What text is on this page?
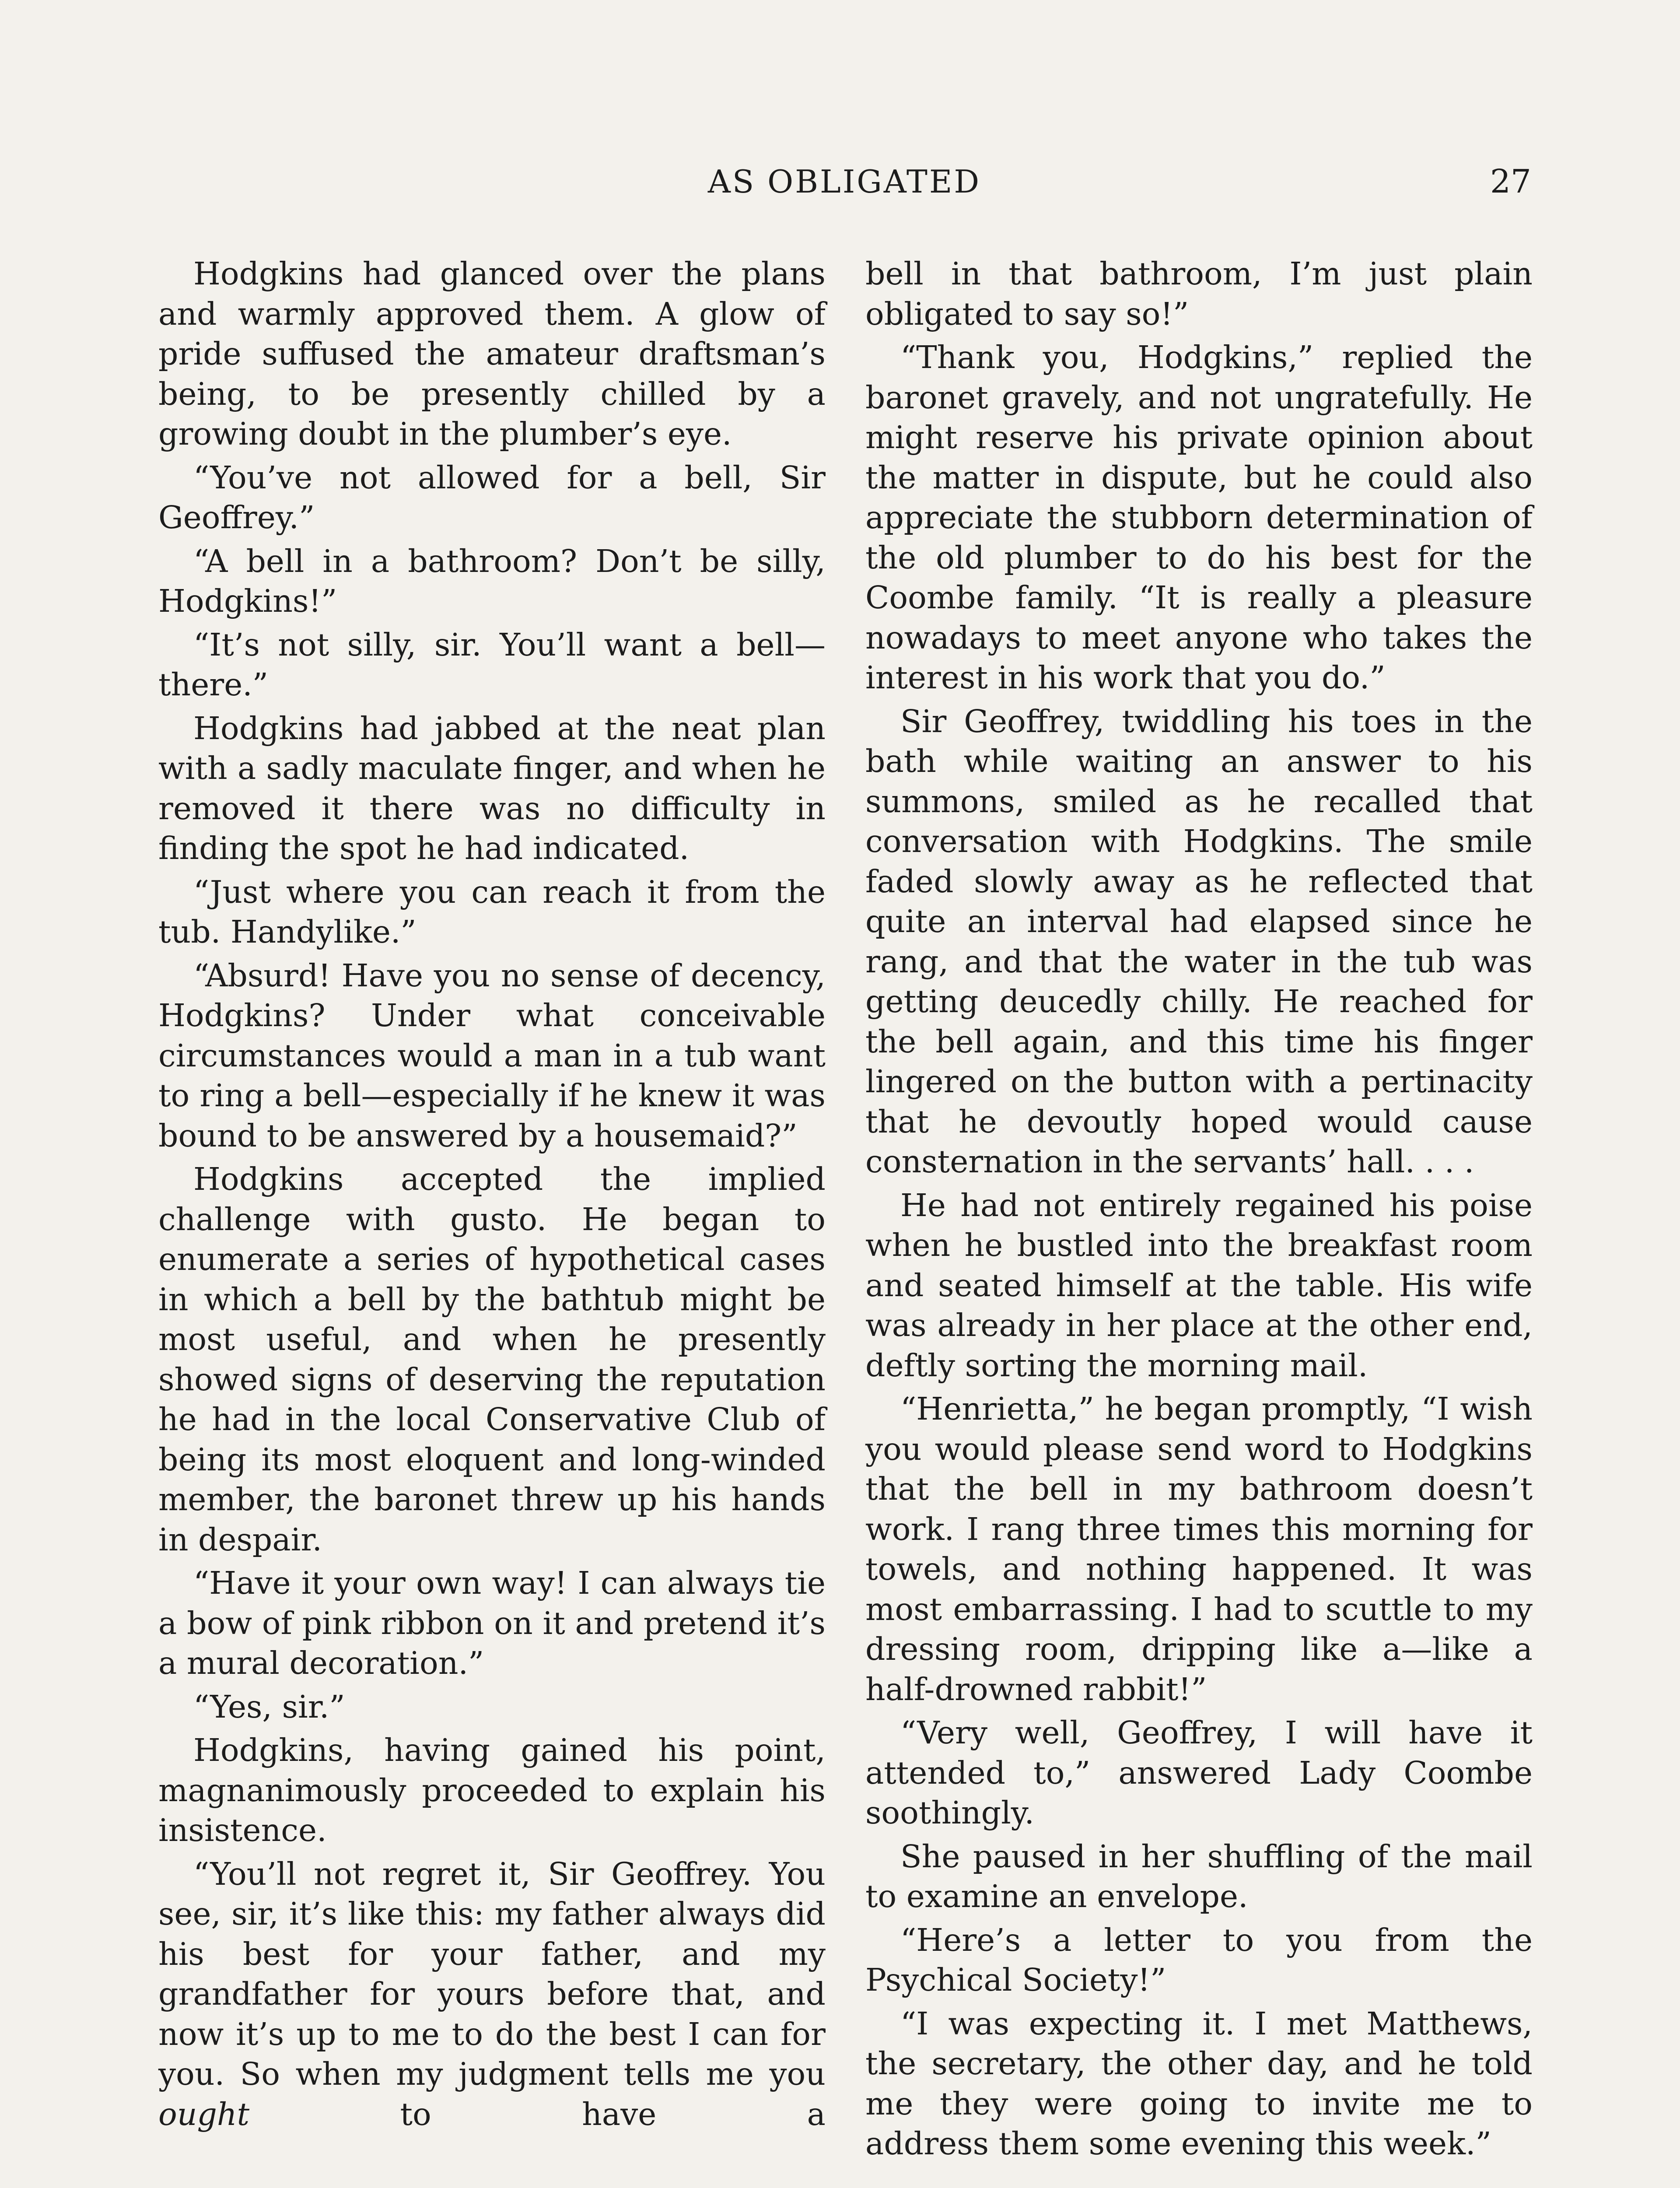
AS OBLIGATED	27

Hodgkins had glanced over the plans and warmly approved them. A glow of pride suffused the amateur draftsman’s being, to be presently chilled by a growing doubt in the plumber’s eye.

“You’ve not allowed for a bell, Sir Geoffrey.”

“A bell in a bathroom? Don’t be silly, Hodgkins!”

“It’s not silly, sir. You’ll want a bell—there.”

Hodgkins had jabbed at the neat plan with a sadly maculate finger, and when he removed it there was no difficulty in finding the spot he had indicated.

“Just where you can reach it from the tub. Handylike.”

“Absurd! Have you no sense of decency, Hodgkins? Under what conceivable circumstances would a man in a tub want to ring a bell—especially if he knew it was bound to be answered by a housemaid?”

Hodgkins accepted the implied challenge with gusto. He began to enumerate a series of hypothetical cases in which a bell by the bathtub might be most useful, and when he presently showed signs of deserving the reputation he had in the local Conservative Club of being its most eloquent and long-winded member, the baronet threw up his hands in despair.

“Have it your own way! I can always tie a bow of pink ribbon on it and pretend it’s a mural decoration.”

“Yes, sir.”

Hodgkins, having gained his point, magnanimously proceeded to explain his insistence.

“You’ll not regret it, Sir Geoffrey. You see, sir, it’s like this: my father always did his best for your father, and my grandfather for yours before that, and now it’s up to me to do the best I can for you. So when my judgment tells me you ought to have a

bell in that bathroom, I’m just plain obligated to say so!”

“Thank you, Hodgkins,” replied the baronet gravely, and not ungratefully. He might reserve his private opinion about the matter in dispute, but he could also appreciate the stubborn determination of the old plumber to do his best for the Coombe family. “It is really a pleasure nowadays to meet anyone who takes the interest in his work that you do.”

Sir Geoffrey, twiddling his toes in the bath while waiting an answer to his summons, smiled as he recalled that conversation with Hodgkins. The smile faded slowly away as he reflected that quite an interval had elapsed since he rang, and that the water in the tub was getting deucedly chilly. He reached for the bell again, and this time his finger lingered on the button with a pertinacity that he devoutly hoped would cause consternation in the servants’ hall. . . .

He had not entirely regained his poise when he bustled into the breakfast room and seated himself at the table. His wife was already in her place at the other end, deftly sorting the morning mail.

“Henrietta,” he began promptly, “I wish you would please send word to Hodgkins that the bell in my bathroom doesn’t work. I rang three times this morning for towels, and nothing happened. It was most embarrassing. I had to scuttle to my dressing room, dripping like a—like a half-drowned rabbit!”

“Very well, Geoffrey, I will have it attended to,” answered Lady Coombe soothingly.

She paused in her shuffling of the mail to examine an envelope.

“Here’s a letter to you from the Psychical Society!”

“I was expecting it. I met Matthews, the secretary, the other day, and he told me they were going to invite me to address them some evening this week.”
